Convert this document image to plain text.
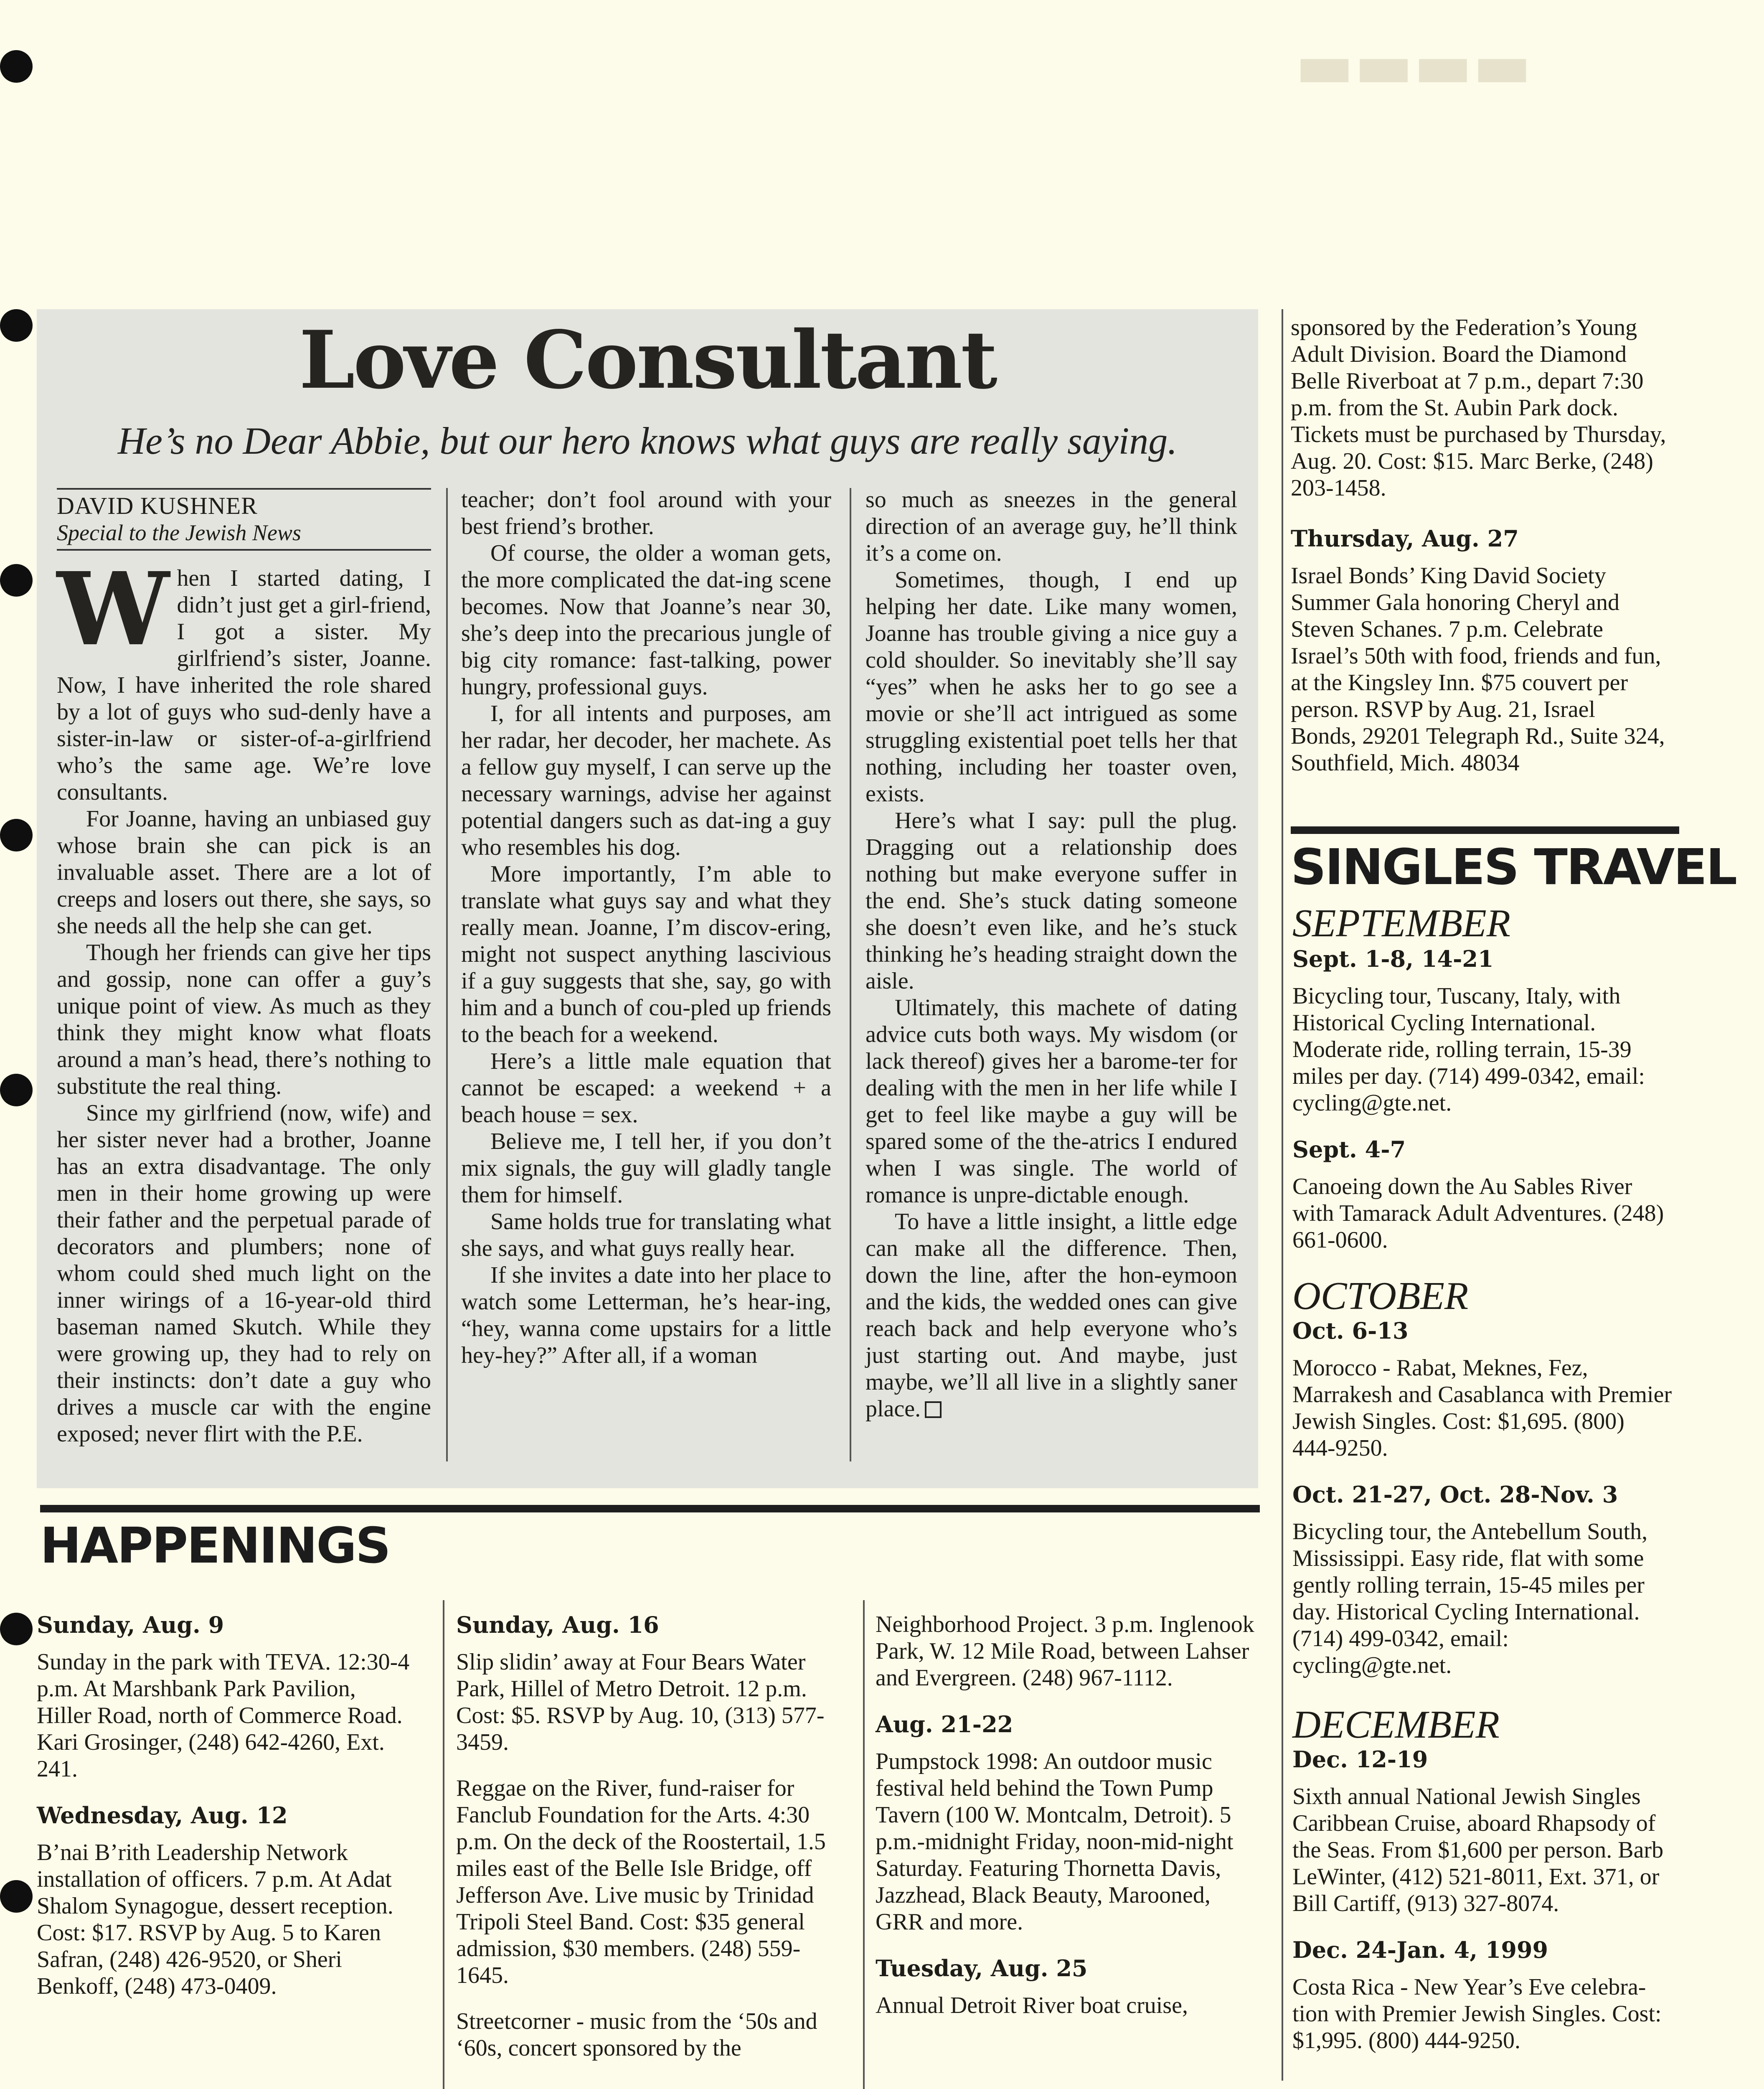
▬▬▬▬
Love Consultant
He’s no Dear Abbie, but our hero knows what guys are really saying.
DAVID KUSHNER
Special to the Jewish News

When I started dating, I didn’t just get a girl-friend, I got a sister. My girlfriend’s sister, Joanne. Now, I have inherited the role shared by a lot of guys who sud-denly have a sister-in-law or sister-of-a-girlfriend who’s the same age. We’re love consultants.

For Joanne, having an unbiased guy whose brain she can pick is an invaluable asset. There are a lot of creeps and losers out there, she says, so she needs all the help she can get.

Though her friends can give her tips and gossip, none can offer a guy’s unique point of view. As much as they think they might know what floats around a man’s head, there’s nothing to substitute the real thing.

Since my girlfriend (now, wife) and her sister never had a brother, Joanne has an extra disadvantage. The only men in their home growing up were their father and the perpetual parade of decorators and plumbers; none of whom could shed much light on the inner wirings of a 16-year-old third baseman named Skutch. While they were growing up, they had to rely on their instincts: don’t date a guy who drives a muscle car with the engine exposed; never flirt with the P.E.

teacher; don’t fool around with your best friend’s brother.

Of course, the older a woman gets, the more complicated the dat-ing scene becomes. Now that Joanne’s near 30, she’s deep into the precarious jungle of big city romance: fast-talking, power hungry, professional guys.

I, for all intents and purposes, am her radar, her decoder, her machete. As a fellow guy myself, I can serve up the necessary warnings, advise her against potential dangers such as dat-ing a guy who resembles his dog.

More importantly, I’m able to translate what guys say and what they really mean. Joanne, I’m discov-ering, might not suspect anything lascivious if a guy suggests that she, say, go with him and a bunch of cou-pled up friends to the beach for a weekend.

Here’s a little male equation that cannot be escaped: a weekend + a beach house = sex.

Believe me, I tell her, if you don’t mix signals, the guy will gladly tangle them for himself.

Same holds true for translating what she says, and what guys really hear.

If she invites a date into her place to watch some Letterman, he’s hear-ing, “hey, wanna come upstairs for a little hey-hey?” After all, if a woman

so much as sneezes in the general direction of an average guy, he’ll think it’s a come on.

Sometimes, though, I end up helping her date. Like many women, Joanne has trouble giving a nice guy a cold shoulder. So inevitably she’ll say “yes” when he asks her to go see a movie or she’ll act intrigued as some struggling existential poet tells her that nothing, including her toaster oven, exists.

Here’s what I say: pull the plug. Dragging out a relationship does nothing but make everyone suffer in the end. She’s stuck dating someone she doesn’t even like, and he’s stuck thinking he’s heading straight down the aisle.

Ultimately, this machete of dating advice cuts both ways. My wisdom (or lack thereof) gives her a barome-ter for dealing with the men in her life while I get to feel like maybe a guy will be spared some of the the-atrics I endured when I was single. The world of romance is unpre-dictable enough.

To have a little insight, a little edge can make all the difference. Then, down the line, after the hon-eymoon and the kids, the wedded ones can give reach back and help everyone who’s just starting out. And maybe, just maybe, we’ll all live in a slightly saner place.

sponsored by the Federation’s Young Adult Division. Board the Diamond Belle Riverboat at 7 p.m., depart 7:30 p.m. from the St. Aubin Park dock. Tickets must be purchased by Thursday, Aug. 20. Cost: $15. Marc Berke, (248) 203-1458.
Thursday, Aug. 27
Israel Bonds’ King David Society Summer Gala honoring Cheryl and Steven Schanes. 7 p.m. Celebrate Israel’s 50th with food, friends and fun, at the Kingsley Inn. $75 couvert per person. RSVP by Aug. 21, Israel Bonds, 29201 Telegraph Rd., Suite 324, Southfield, Mich. 48034
SINGLES TRAVEL
SEPTEMBER
Sept. 1-8, 14-21
Bicycling tour, Tuscany, Italy, with Historical Cycling International. Moderate ride, rolling terrain, 15-39 miles per day. (714) 499-0342, email: cycling@gte.net.
Sept. 4-7
Canoeing down the Au Sables River with Tamarack Adult Adventures. (248) 661-0600.
OCTOBER
Oct. 6-13
Morocco - Rabat, Meknes, Fez, Marrakesh and Casablanca with Premier Jewish Singles. Cost: $1,695. (800) 444-9250.
Oct. 21-27, Oct. 28-Nov. 3
Bicycling tour, the Antebellum South, Mississippi. Easy ride, flat with some gently rolling terrain, 15-45 miles per day. Historical Cycling International. (714) 499-0342, email: cycling@gte.net.
DECEMBER
Dec. 12-19
Sixth annual National Jewish Singles Caribbean Cruise, aboard Rhapsody of the Seas. From $1,600 per person. Barb LeWinter, (412) 521-8011, Ext. 371, or Bill Cartiff, (913) 327-8074.
Dec. 24-Jan. 4, 1999
Costa Rica - New Year’s Eve celebra-tion with Premier Jewish Singles. Cost: $1,995. (800) 444-9250.
HAPPENINGS
Sunday, Aug. 9
Sunday in the park with TEVA. 12:30-4 p.m. At Marshbank Park Pavilion, Hiller Road, north of Commerce Road. Kari Grosinger, (248) 642-4260, Ext. 241.
Wednesday, Aug. 12
B’nai B’rith Leadership Network installation of officers. 7 p.m. At Adat Shalom Synagogue, dessert reception. Cost: $17. RSVP by Aug. 5 to Karen Safran, (248) 426-9520, or Sheri Benkoff, (248) 473-0409.
Sunday, Aug. 16
Slip slidin’ away at Four Bears Water Park, Hillel of Metro Detroit. 12 p.m. Cost: $5. RSVP by Aug. 10, (313) 577-3459.
Reggae on the River, fund-raiser for Fanclub Foundation for the Arts. 4:30 p.m. On the deck of the Roostertail, 1.5 miles east of the Belle Isle Bridge, off Jefferson Ave. Live music by Trinidad Tripoli Steel Band. Cost: $35 general admission, $30 members. (248) 559-1645.
Streetcorner - music from the ‘50s and ‘60s, concert sponsored by the
Neighborhood Project. 3 p.m. Inglenook Park, W. 12 Mile Road, between Lahser and Evergreen. (248) 967-1112.
Aug. 21-22
Pumpstock 1998: An outdoor music festival held behind the Town Pump Tavern (100 W. Montcalm, Detroit). 5 p.m.-midnight Friday, noon-mid-night Saturday. Featuring Thornetta Davis, Jazzhead, Black Beauty, Marooned, GRR and more.
Tuesday, Aug. 25
Annual Detroit River boat cruise,
